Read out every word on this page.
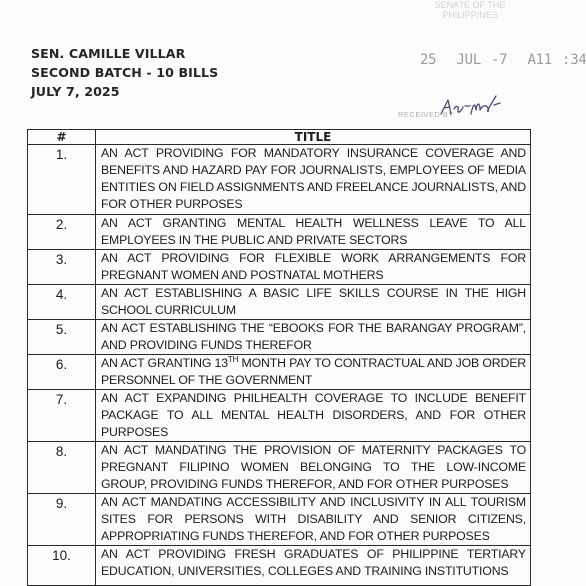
SENATE OF THE PHILIPPINES
SEN. CAMILLE VILLAR
SECOND BATCH - 10 BILLS
JULY 7, 2025
25  JUL -7  A11 :34
RECEIVED BY
#	TITLE
1.	AN ACT PROVIDING FOR MANDATORY INSURANCE COVERAGE AND BENEFITS AND HAZARD PAY FOR JOURNALISTS, EMPLOYEES OF MEDIA ENTITIES ON FIELD ASSIGNMENTS AND FREELANCE JOURNALISTS, AND FOR OTHER PURPOSES
2.	AN ACT GRANTING MENTAL HEALTH WELLNESS LEAVE TO ALL EMPLOYEES IN THE PUBLIC AND PRIVATE SECTORS
3.	AN ACT PROVIDING FOR FLEXIBLE WORK ARRANGEMENTS FOR PREGNANT WOMEN AND POSTNATAL MOTHERS
4.	AN ACT ESTABLISHING A BASIC LIFE SKILLS COURSE IN THE HIGH SCHOOL CURRICULUM
5.	AN ACT ESTABLISHING THE “EBOOKS FOR THE BARANGAY PROGRAM”, AND PROVIDING FUNDS THEREFOR
6.	AN ACT GRANTING 13TH MONTH PAY TO CONTRACTUAL AND JOB ORDER PERSONNEL OF THE GOVERNMENT
7.	AN ACT EXPANDING PHILHEALTH COVERAGE TO INCLUDE BENEFIT PACKAGE TO ALL MENTAL HEALTH DISORDERS, AND FOR OTHER PURPOSES
8.	AN ACT MANDATING THE PROVISION OF MATERNITY PACKAGES TO PREGNANT FILIPINO WOMEN BELONGING TO THE LOW-INCOME GROUP, PROVIDING FUNDS THEREFOR, AND FOR OTHER PURPOSES
9.	AN ACT MANDATING ACCESSIBILITY AND INCLUSIVITY IN ALL TOURISM SITES FOR PERSONS WITH DISABILITY AND SENIOR CITIZENS, APPROPRIATING FUNDS THEREFOR, AND FOR OTHER PURPOSES
10.	AN ACT PROVIDING FRESH GRADUATES OF PHILIPPINE TERTIARY EDUCATION, UNIVERSITIES, COLLEGES AND TRAINING INSTITUTIONS
